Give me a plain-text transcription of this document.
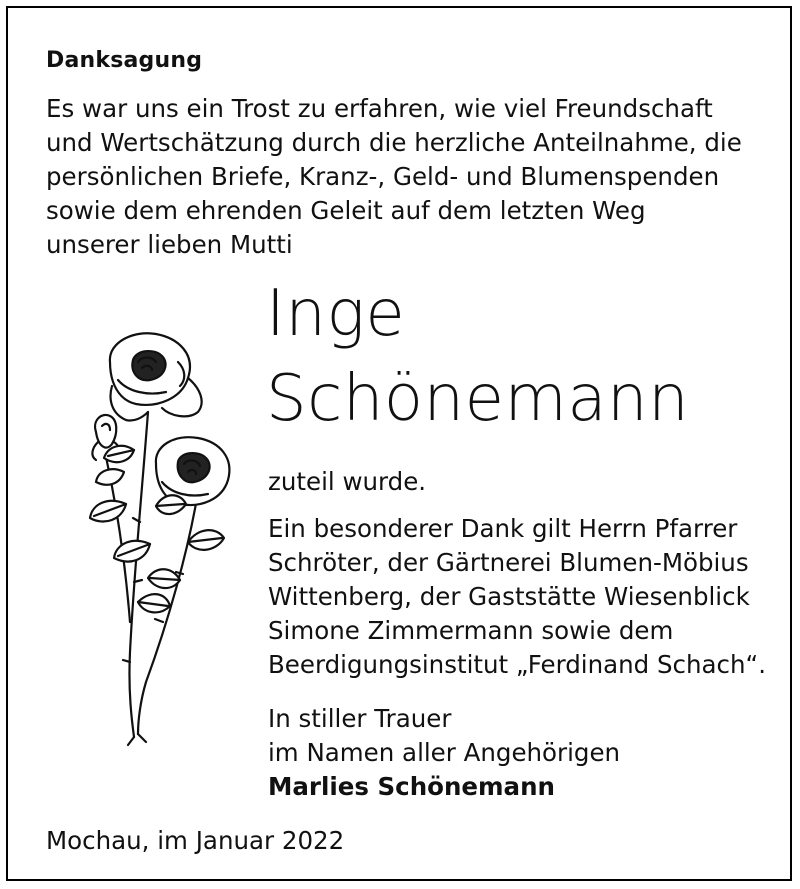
Danksagung
Es war uns ein Trost zu erfahren, wie viel Freundschaft
und Wertschätzung durch die herzliche Anteilnahme, die
persönlichen Briefe, Kranz-, Geld- und Blumenspenden
sowie dem ehrenden Geleit auf dem letzten Weg
unserer lieben Mutti
Inge
Schönemann
zuteil wurde.
Ein besonderer Dank gilt Herrn Pfarrer
Schröter, der Gärtnerei Blumen-Möbius
Wittenberg, der Gaststätte Wiesenblick
Simone Zimmermann sowie dem
Beerdigungsinstitut „Ferdinand Schach“.
In stiller Trauer
im Namen aller Angehörigen
Marlies Schönemann
Mochau, im Januar 2022
